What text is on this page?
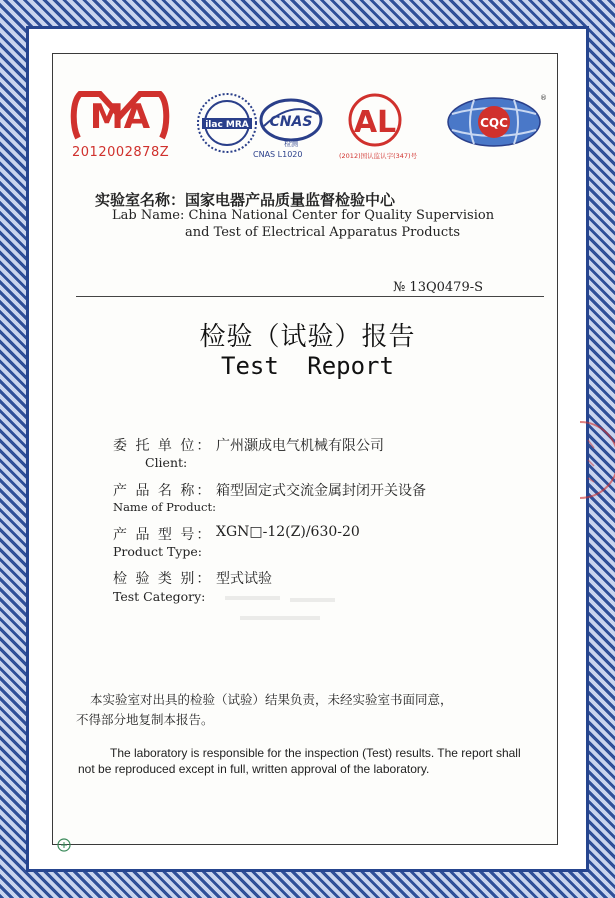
MA
2012002878Z
ilac MRA CNAS
检测
CNAS L1020
AL
(2012)国认监认字(347)号
CQC
®
实验室名称：国家电器产品质量监督检验中心
Lab Name: China National Center for Quality Supervision
and Test of Electrical Apparatus Products
№ 13Q0479-S
检验（试验）报告
Test Report
委 托 单 位： 广州灏成电气机械有限公司
Client:
产 品 名 称： 箱型固定式交流金属封闭开关设备
Name of Product:
产 品 型 号： XGN□-12(Z)/630-20
Product Type:
检 验 类 别： 型式试验
Test Category:
本实验室对出具的检验（试验）结果负责，未经实验室书面同意，
不得部分地复制本报告。
The laboratory is responsible for the inspection (Test) results. The report shall
not be reproduced except in full, written approval of the laboratory.
